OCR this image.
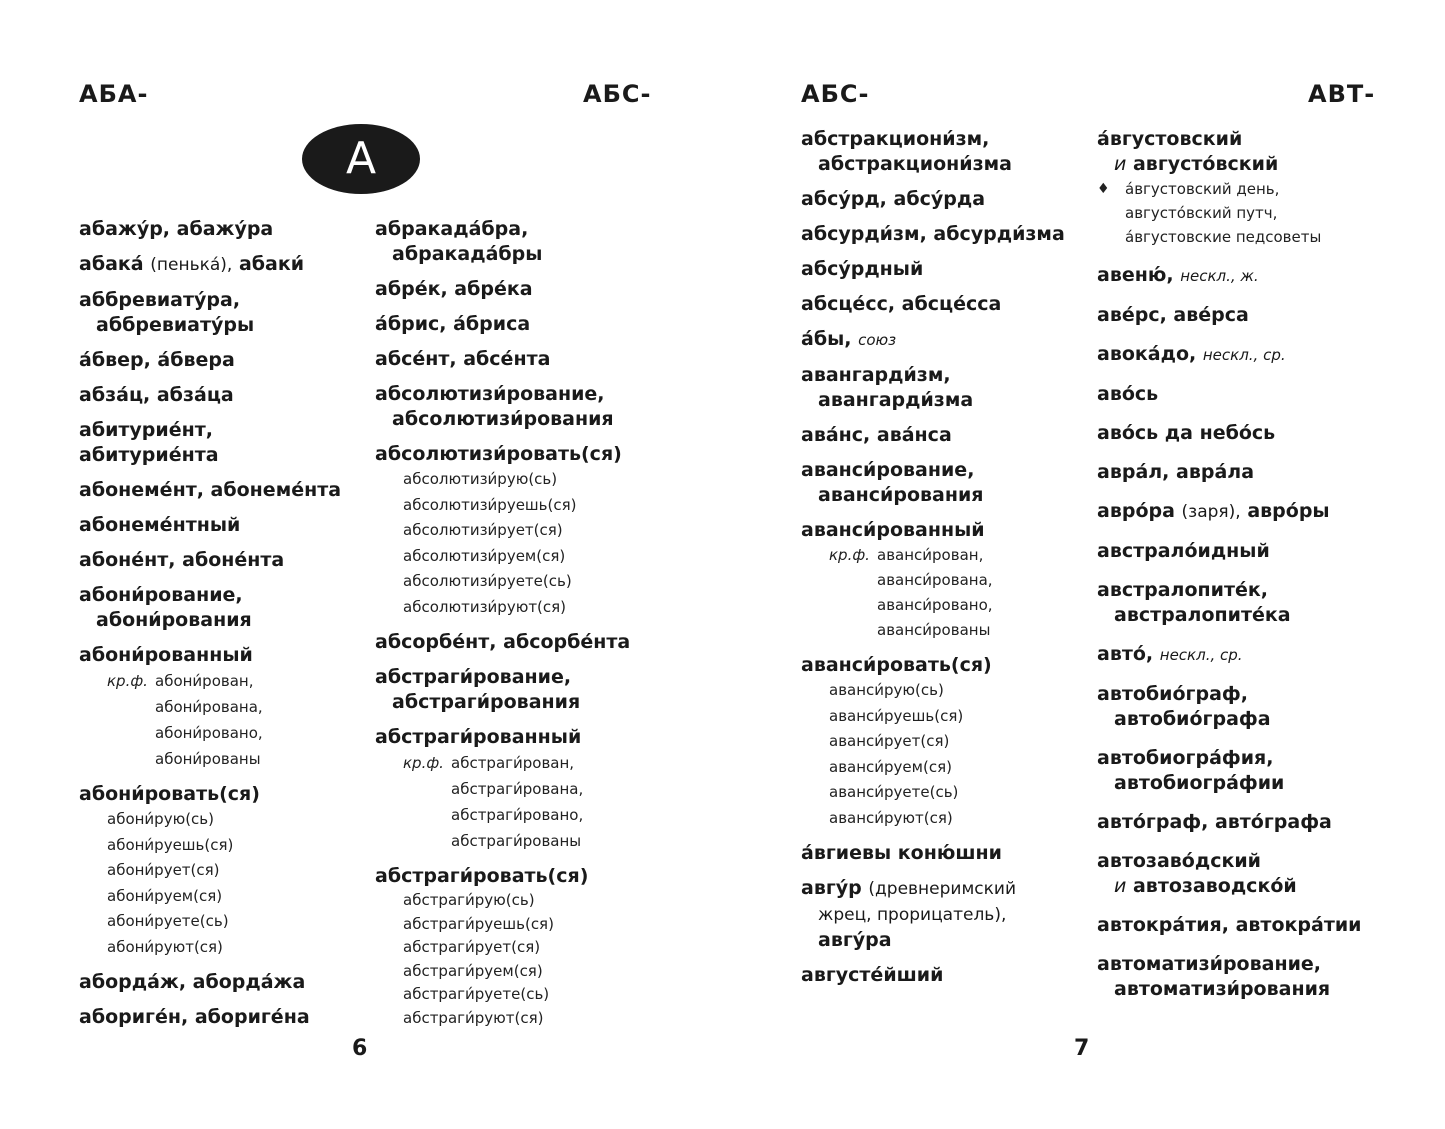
АБА-	АБС-
А
абажу́р, абажу́ра
абака́ (пенька́), абаки́
аббревиату́ра,
аббревиату́ры
а́бвер, а́бвера
абза́ц, абза́ца
абитурие́нт, абитурие́нта
абонеме́нт, абонеме́нта
абонеме́нтный
абоне́нт, абоне́нта
абони́рование,
абони́рования
абони́рованный
кр.ф. абони́рован,
абони́рована,
абони́ровано,
абони́рованы
абони́ровать(ся)
абони́рую(сь)
абони́руешь(ся)
абони́рует(ся)
абони́руем(ся)
абони́руете(сь)
абони́руют(ся)
аборда́ж, аборда́жа
абориге́н, абориге́на
абракада́бра,
абракада́бры
абре́к, абре́ка
а́брис, а́бриса
абсе́нт, абсе́нта
абсолютизи́рование,
абсолютизи́рования
абсолютизи́ровать(ся)
абсолютизи́рую(сь)
абсолютизи́руешь(ся)
абсолютизи́рует(ся)
абсолютизи́руем(ся)
абсолютизи́руете(сь)
абсолютизи́руют(ся)
абсорбе́нт, абсорбе́нта
абстраги́рование,
абстраги́рования
абстраги́рованный
кр.ф. абстраги́рован,
абстраги́рована,
абстраги́ровано,
абстраги́рованы
абстраги́ровать(ся)
абстраги́рую(сь)
абстраги́руешь(ся)
абстраги́рует(ся)
абстраги́руем(ся)
абстраги́руете(сь)
абстраги́руют(ся)
6
АБС-	АВТ-
абстракциони́зм,
абстракциони́зма
абсу́рд, абсу́рда
абсурди́зм, абсурди́зма
абсу́рдный
абсце́сс, абсце́сса
а́бы, союз
авангарди́зм,
авангарди́зма
ава́нс, ава́нса
аванси́рование,
аванси́рования
аванси́рованный
кр.ф. аванси́рован,
аванси́рована,
аванси́ровано,
аванси́рованы
аванси́ровать(ся)
аванси́рую(сь)
аванси́руешь(ся)
аванси́рует(ся)
аванси́руем(ся)
аванси́руете(сь)
аванси́руют(ся)
а́вгиевы коню́шни
авгу́р (древнеримский
жрец, прорицатель),
авгу́ра
августе́йший
а́вгустовский
и августо́вский
♦ а́вгустовский день,
августо́вский путч,
а́вгустовские педсоветы
авеню́, нескл., ж.
аве́рс, аве́рса
авока́до, нескл., ср.
аво́сь
аво́сь да небо́сь
авра́л, авра́ла
авро́ра (заря), авро́ры
австрало́идный
австралопите́к,
австралопите́ка
авто́, нескл., ср.
автобио́граф,
автобио́графа
автобиогра́фия,
автобиогра́фии
авто́граф, авто́графа
автозаво́дский
и автозаводско́й
автокра́тия, автокра́тии
автоматизи́рование,
автоматизи́рования
7
